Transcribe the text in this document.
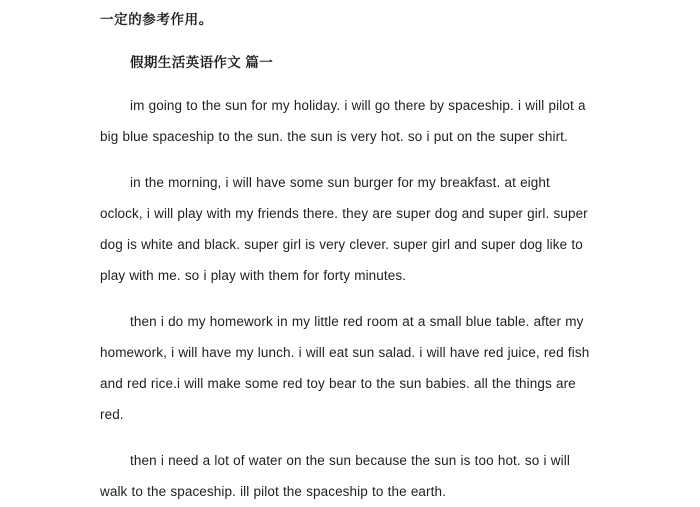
一定的参考作用。

假期生活英语作文 篇一

im going to the sun for my holiday. i will go there by spaceship. i will pilot a big blue spaceship to the sun. the sun is very hot. so i put on the super shirt.

in the morning, i will have some sun burger for my breakfast. at eight oclock, i will play with my friends there. they are super dog and super girl. super dog is white and black. super girl is very clever. super girl and super dog like to play with me. so i play with them for forty minutes.

then i do my homework in my little red room at a small blue table. after my homework, i will have my lunch. i will eat sun salad. i will have red juice, red fish and red rice.i will make some red toy bear to the sun babies. all the things are red.

then i need a lot of water on the sun because the sun is too hot. so i will walk to the spaceship. ill pilot the spaceship to the earth.
